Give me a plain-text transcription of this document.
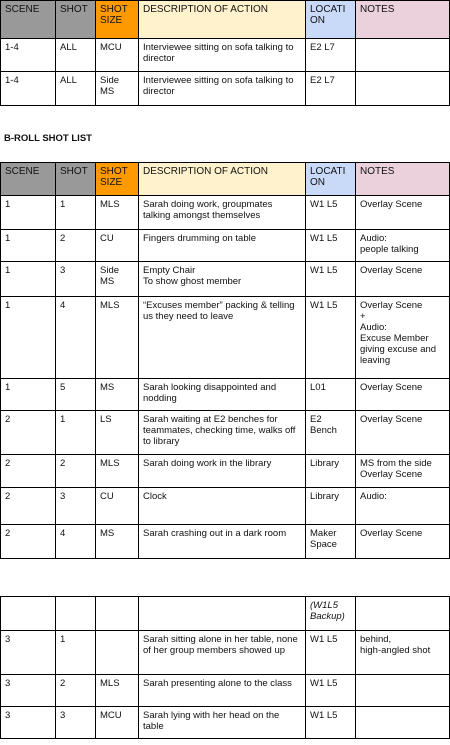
SCENE	SHOT	SHOT SIZE	DESCRIPTION OF ACTION	LOCATI ON	NOTES
1-4	ALL	MCU	Interviewee sitting on sofa talking to director	E2 L7	
1-4	ALL	Side MS	Interviewee sitting on sofa talking to director	E2 L7	
B-ROLL SHOT LIST
SCENE	SHOT	SHOT SIZE	DESCRIPTION OF ACTION	LOCATI ON	NOTES
1	1	MLS	Sarah doing work, groupmates talking amongst themselves	W1 L5	Overlay Scene
1	2	CU	Fingers drumming on table	W1 L5	Audio:
people talking
1	3	Side MS	Empty Chair
To show ghost member	W1 L5	Overlay Scene
1	4	MLS	“Excuses member” packing & telling us they need to leave	W1 L5	Overlay Scene
+
Audio:
Excuse Member giving excuse and leaving
1	5	MS	Sarah looking disappointed and nodding	L01	Overlay Scene
2	1	LS	Sarah waiting at E2 benches for teammates, checking time, walks off to library	E2 Bench	Overlay Scene
2	2	MLS	Sarah doing work in the library	Library	MS from the side
Overlay Scene
2	3	CU	Clock	Library	Audio:
2	4	MS	Sarah crashing out in a dark room	Maker Space	Overlay Scene
				(W1L5 Backup)	
3	1		Sarah sitting alone in her table, none of her group members showed up	W1 L5	behind,
high-angled shot
3	2	MLS	Sarah presenting alone to the class	W1 L5	
3	3	MCU	Sarah lying with her head on the table	W1 L5	
